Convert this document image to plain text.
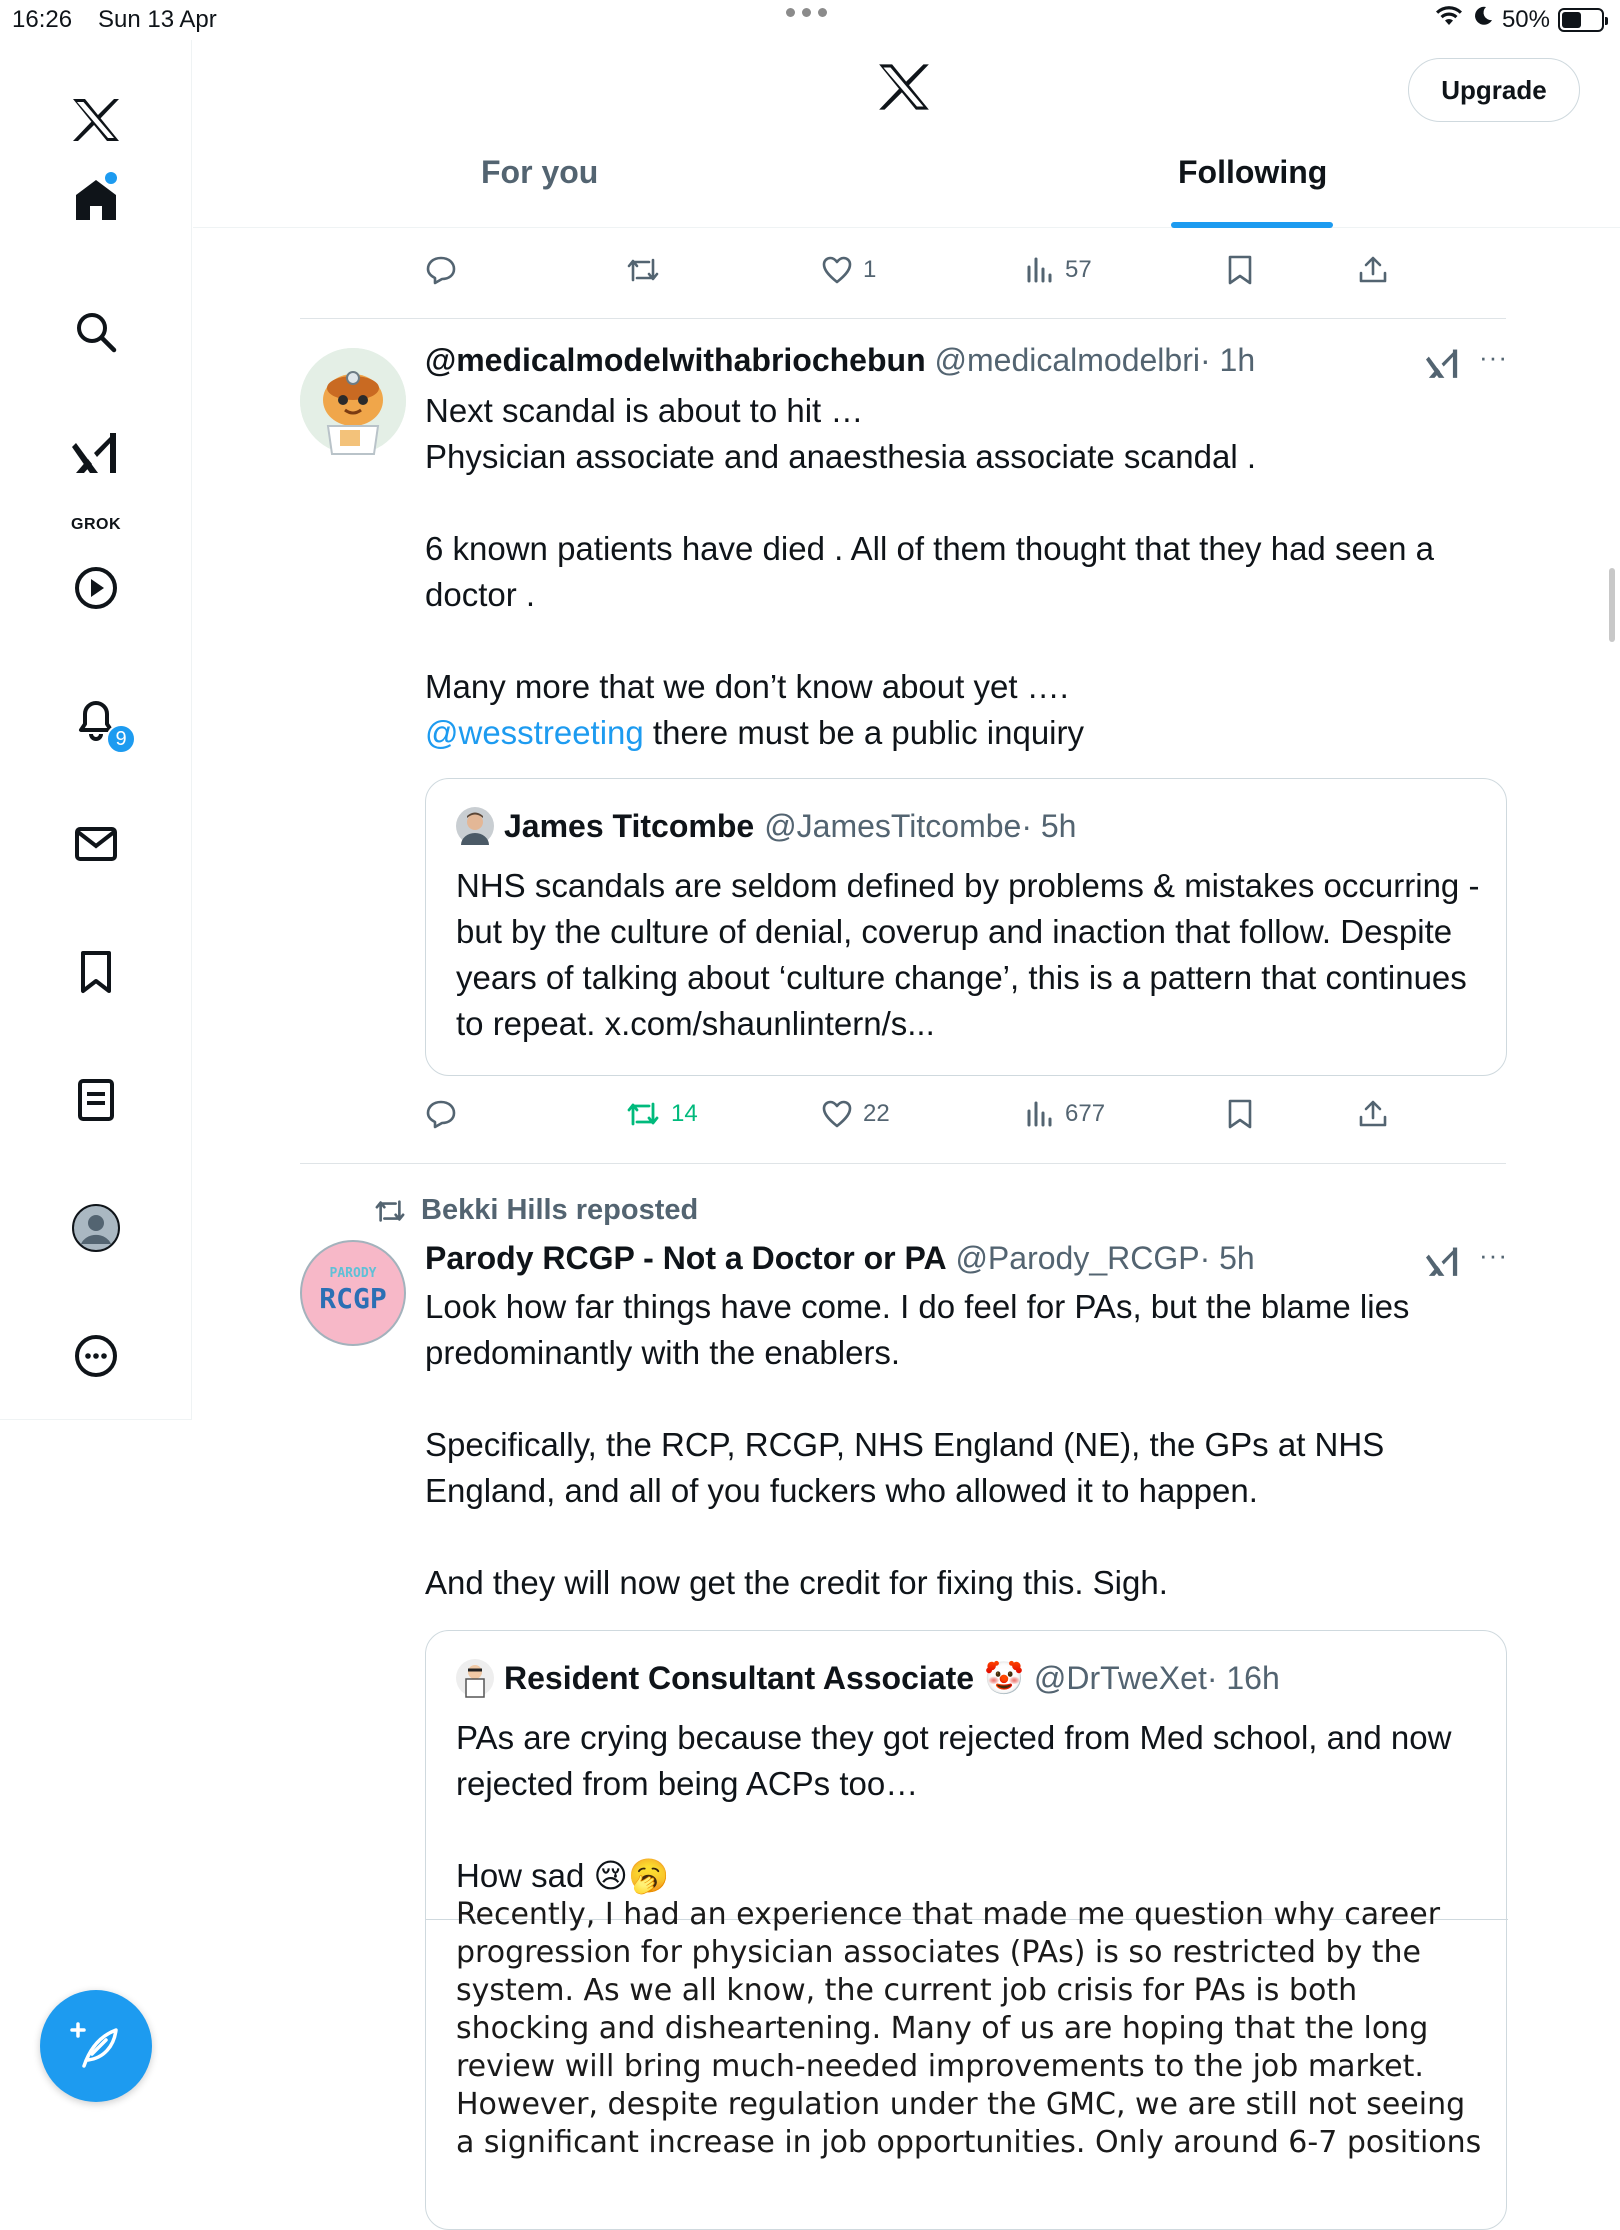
16:26 Sun 13 Apr	50%
GROK
9
Upgrade
For you	Following
1	57
@medicalmodelwithabriochebun @medicalmodelbri· 1h	···
Next scandal is about to hit …
Physician associate and anaesthesia associate scandal .

6 known patients have died . All of them thought that they had seen a doctor .

Many more that we don’t know about yet ….
@wesstreeting there must be a public inquiry
James Titcombe @JamesTitcombe· 5h
NHS scandals are seldom defined by problems & mistakes occurring - but by the culture of denial, coverup and inaction that follow. Despite years of talking about ‘culture change’, this is a pattern that continues to repeat. x.com/shaunlintern/s...
14	22	677
Bekki Hills reposted
PARODY
RCGP
Parody RCGP - Not a Doctor or PA @Parody_RCGP· 5h	···
Look how far things have come. I do feel for PAs, but the blame lies predominantly with the enablers.

Specifically, the RCP, RCGP, NHS England (NE), the GPs at NHS England, and all of you fuckers who allowed it to happen.

And they will now get the credit for fixing this. Sigh.
Resident Consultant Associate 🤡 @DrTweXet· 16h
PAs are crying because they got rejected from Med school, and now rejected from being ACPs too…

How sad 😢🥱
Recently, I had an experience that made me question why career
progression for physician associates (PAs) is so restricted by the system. As we all know, the current job crisis for PAs is both shocking and disheartening. Many of us are hoping that the long review will bring much-needed improvements to the job market. However, despite regulation under the GMC, we are still not seeing a significant increase in job opportunities. Only around 6-7 positions
